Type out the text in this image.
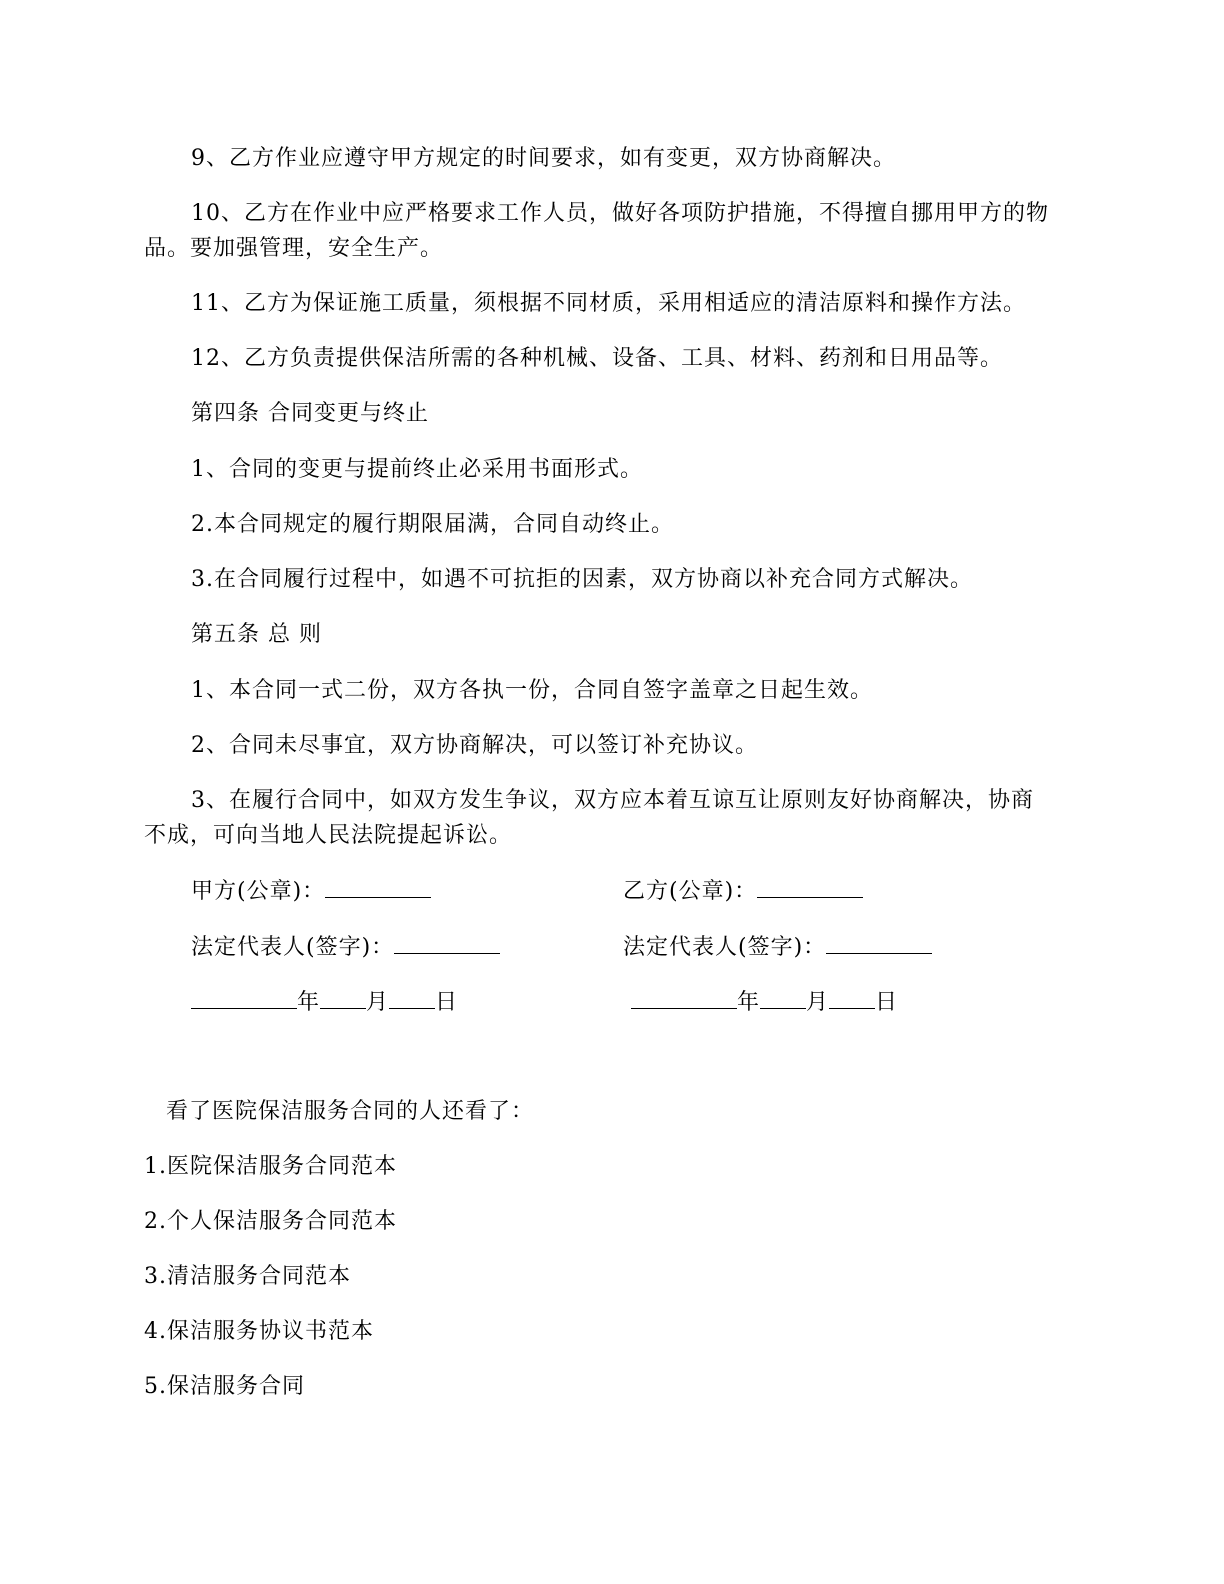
9、乙方作业应遵守甲方规定的时间要求，如有变更，双方协商解决。
10、乙方在作业中应严格要求工作人员，做好各项防护措施，不得擅自挪用甲方的物
品。要加强管理，安全生产。
11、乙方为保证施工质量，须根据不同材质，采用相适应的清洁原料和操作方法。
12、乙方负责提供保洁所需的各种机械、设备、工具、材料、药剂和日用品等。
第四条 合同变更与终止
1、合同的变更与提前终止必采用书面形式。
2.本合同规定的履行期限届满，合同自动终止。
3.在合同履行过程中，如遇不可抗拒的因素，双方协商以补充合同方式解决。
第五条 总 则
1、本合同一式二份，双方各执一份，合同自签字盖章之日起生效。
2、合同未尽事宜，双方协商解决，可以签订补充协议。
3、在履行合同中，如双方发生争议，双方应本着互谅互让原则友好协商解决，协商
不成，可向当地人民法院提起诉讼。
甲方(公章)：	乙方(公章)：
法定代表人(签字)：	法定代表人(签字)：
年 月 日	年 月 日
看了医院保洁服务合同的人还看了：
1.医院保洁服务合同范本
2.个人保洁服务合同范本
3.清洁服务合同范本
4.保洁服务协议书范本
5.保洁服务合同
